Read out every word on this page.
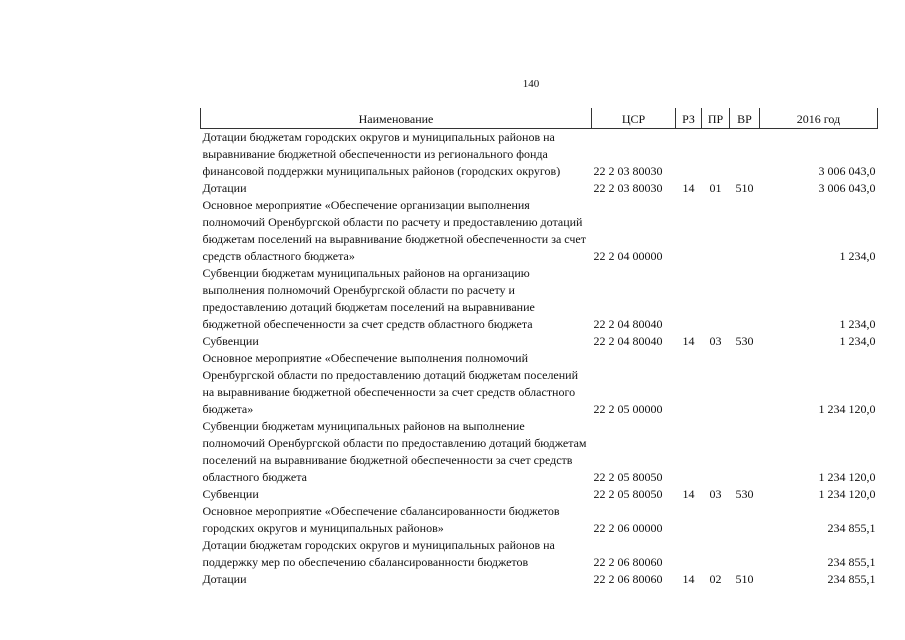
140
Наименование	ЦСР	РЗ	ПР	ВР	2016 год
Дотации бюджетам городских округов и муниципальных районов на выравнивание бюджетной обеспеченности из регионального фонда финансовой поддержки муниципальных районов (городских округов)	22 2 03 80030				3 006 043,0
Дотации	22 2 03 80030	14	01	510	3 006 043,0
Основное мероприятие «Обеспечение организации выполнения полномочий Оренбургской области по расчету и предоставлению дотаций бюджетам поселений на выравнивание бюджетной обеспеченности за счет средств областного бюджета»	22 2 04 00000				1 234,0
Субвенции бюджетам муниципальных районов на организацию выполнения полномочий Оренбургской области по расчету и предоставлению дотаций бюджетам поселений на выравнивание бюджетной обеспеченности за счет средств областного бюджета	22 2 04 80040				1 234,0
Субвенции	22 2 04 80040	14	03	530	1 234,0
Основное мероприятие «Обеспечение выполнения полномочий Оренбургской области по предоставлению дотаций бюджетам поселений на выравнивание бюджетной обеспеченности за счет средств областного бюджета»	22 2 05 00000				1 234 120,0
Субвенции бюджетам муниципальных районов на выполнение полномочий Оренбургской области по предоставлению дотаций бюджетам поселений на выравнивание бюджетной обеспеченности за счет средств областного бюджета	22 2 05 80050				1 234 120,0
Субвенции	22 2 05 80050	14	03	530	1 234 120,0
Основное мероприятие «Обеспечение сбалансированности бюджетов городских округов и муниципальных районов»	22 2 06 00000				234 855,1
Дотации бюджетам городских округов и муниципальных районов на поддержку мер по обеспечению сбалансированности бюджетов	22 2 06 80060				234 855,1
Дотации	22 2 06 80060	14	02	510	234 855,1
